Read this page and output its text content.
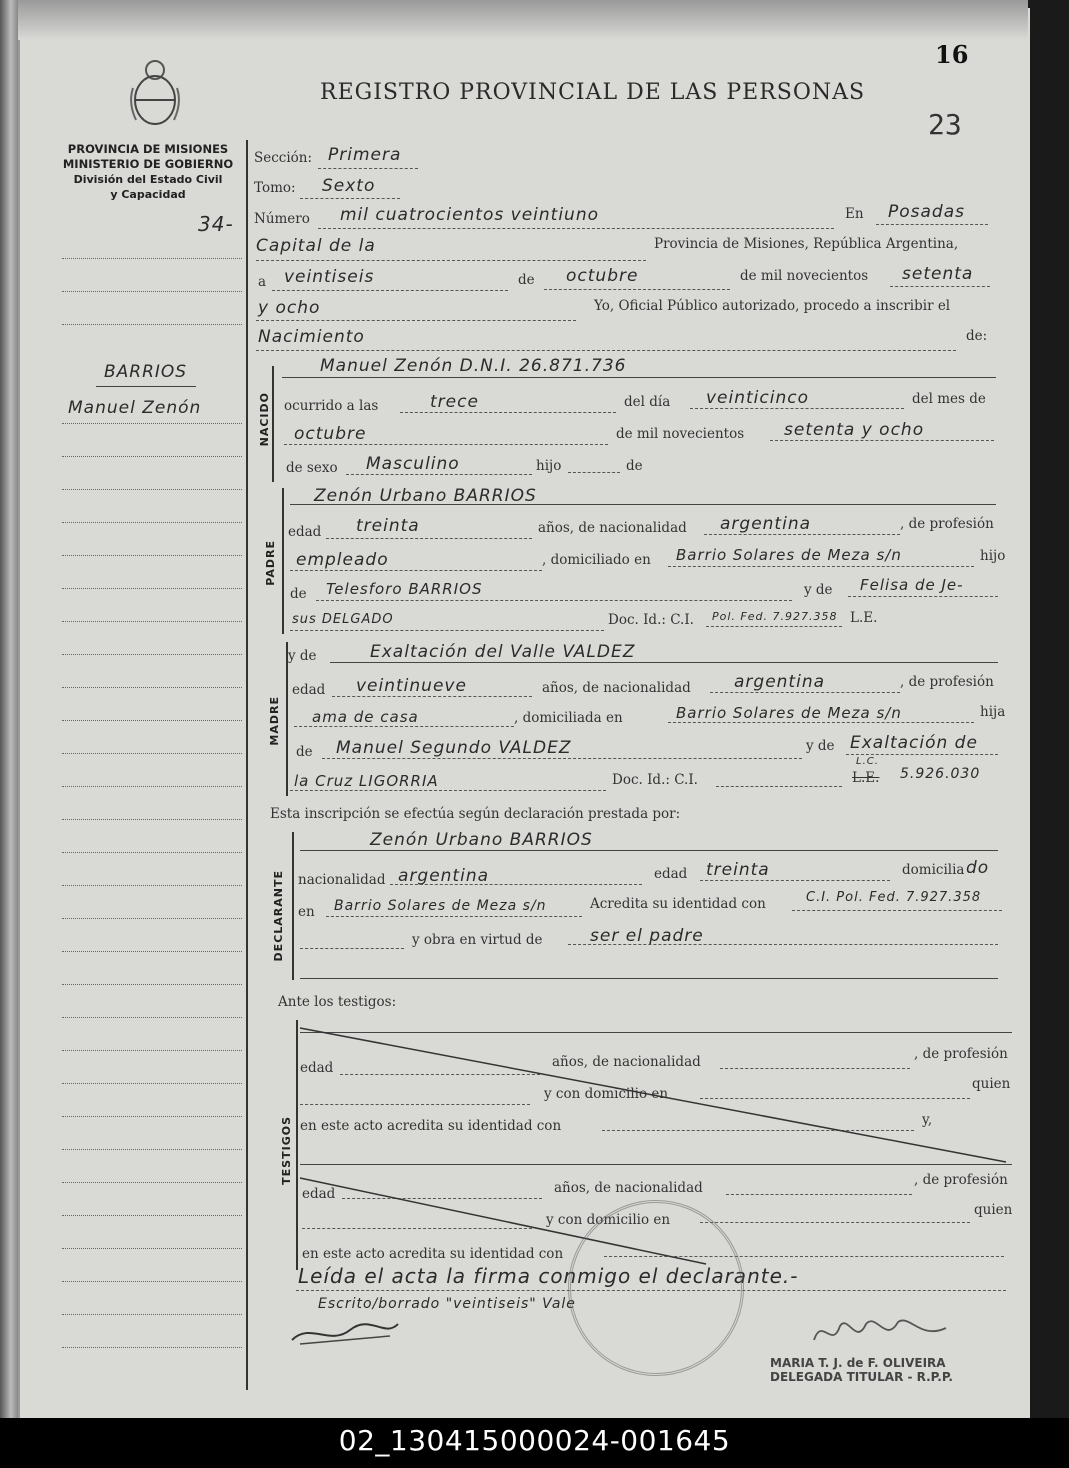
REGISTRO PROVINCIAL DE LAS PERSONAS
16
23
PROVINCIA DE MISIONES
MINISTERIO DE GOBIERNO
División del Estado Civil
y Capacidad
34-
BARRIOS
Manuel Zenón
Sección: Primera
Tomo: Sexto
Número mil cuatrocientos veintiuno	En Posadas
Capital de la	Provincia de Misiones, República Argentina,
a veintiseis	de octubre	de mil novecientos setenta
y ocho	Yo, Oficial Público autorizado, procedo a inscribir el
Nacimiento	de:
NACIDO
Manuel Zenón D.N.I. 26.871.736
ocurrido a las	trece	del día veinticinco	del mes de
octubre	de mil novecientos setenta y ocho
de sexo Masculino	hijo	de
PADRE
Zenón Urbano BARRIOS
edad treinta	años, de nacionalidad argentina	, de profesión
empleado	, domiciliado en Barrio Solares de Meza s/n	hijo
de Telesforo BARRIOS	y de Felisa de Je-
sus DELGADO	Doc. Id.: C.I. Pol. Fed. 7.927.358 L.E.
MADRE
y de	Exaltación del Valle VALDEZ
edad veintinueve	años, de nacionalidad	argentina	, de profesión
ama de casa	, domiciliada en	Barrio Solares de Meza s/n	hija
de Manuel Segundo VALDEZ	y de Exaltación de
la Cruz LIGORRIA	Doc. Id.: C.I.	L.E.
L.C.
5.926.030
Esta inscripción se efectúa según declaración prestada por:
DECLARANTE
Zenón Urbano BARRIOS
nacionalidad argentina	edad treinta	domicilia do
en Barrio Solares de Meza s/n	Acredita su identidad con	C.I. Pol. Fed. 7.927.358
y obra en virtud de	ser el padre
Ante los testigos:
TESTIGOS
edad	años, de nacionalidad	, de profesión
y con domicilio en
quien
en este acto acredita su identidad con	y,
edad	años, de nacionalidad	, de profesión
y con domicilio en
quien
en este acto acredita su identidad con
Leída el acta la firma conmigo el declarante.-
Escrito/borrado "veintiseis" Vale
MARIA T. J. de F. OLIVEIRA
DELEGADA TITULAR - R.P.P.
02_130415000024-001645
